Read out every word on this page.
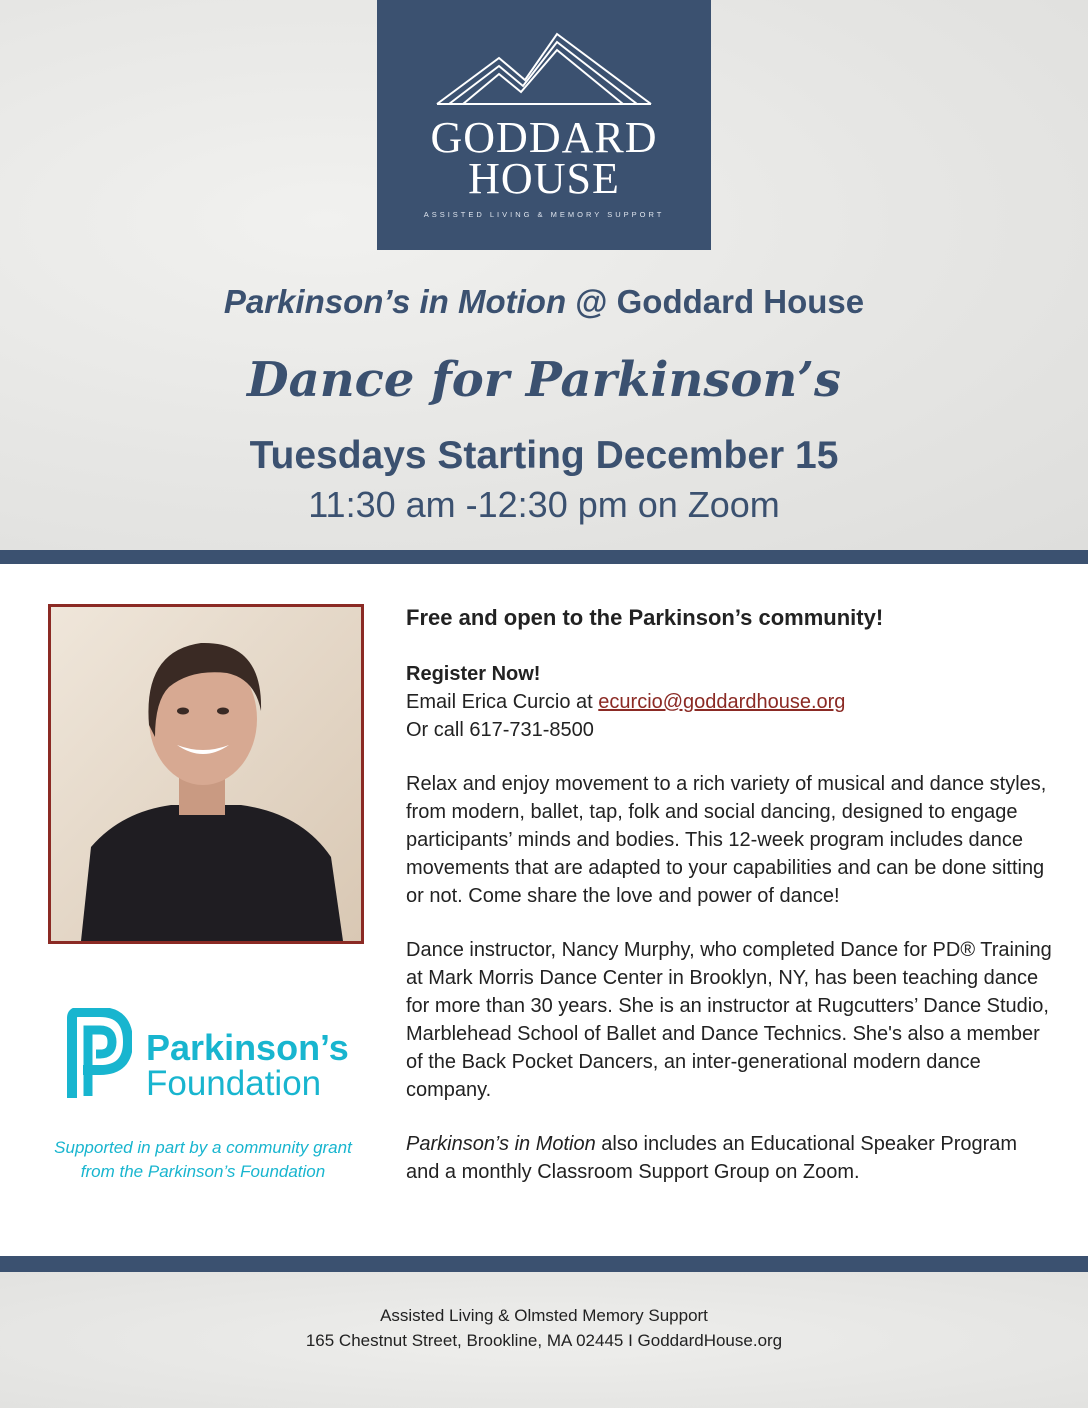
GODDARD
HOUSE
ASSISTED LIVING & MEMORY SUPPORT
Parkinson’s in Motion @ Goddard House
Dance for Parkinson’s
Tuesdays Starting December 15
11:30 am -12:30 pm on Zoom
Parkinson’s
Foundation
Supported in part by a community grant
from the Parkinson’s Foundation

Free and open to the Parkinson’s community!

Register Now!
Email Erica Curcio at ecurcio@goddardhouse.org
Or call 617-731-8500

Relax and enjoy movement to a rich variety of musical and dance styles, from modern, ballet, tap, folk and social dancing, designed to engage participants’ minds and bodies. This 12-week program includes dance movements that are adapted to your capabilities and can be done sitting or not. Come share the love and power of dance!

Dance instructor, Nancy Murphy, who completed Dance for PD® Training at Mark Morris Dance Center in Brooklyn, NY, has been teaching dance for more than 30 years. She is an instructor at Rugcutters’ Dance Studio, Marblehead School of Ballet and Dance Technics. She's also a member of the Back Pocket Dancers, an inter-generational modern dance company.

Parkinson’s in Motion also includes an Educational Speaker Program and a monthly Classroom Support Group on Zoom.

Assisted Living & Olmsted Memory Support
165 Chestnut Street, Brookline, MA 02445 I GoddardHouse.org
